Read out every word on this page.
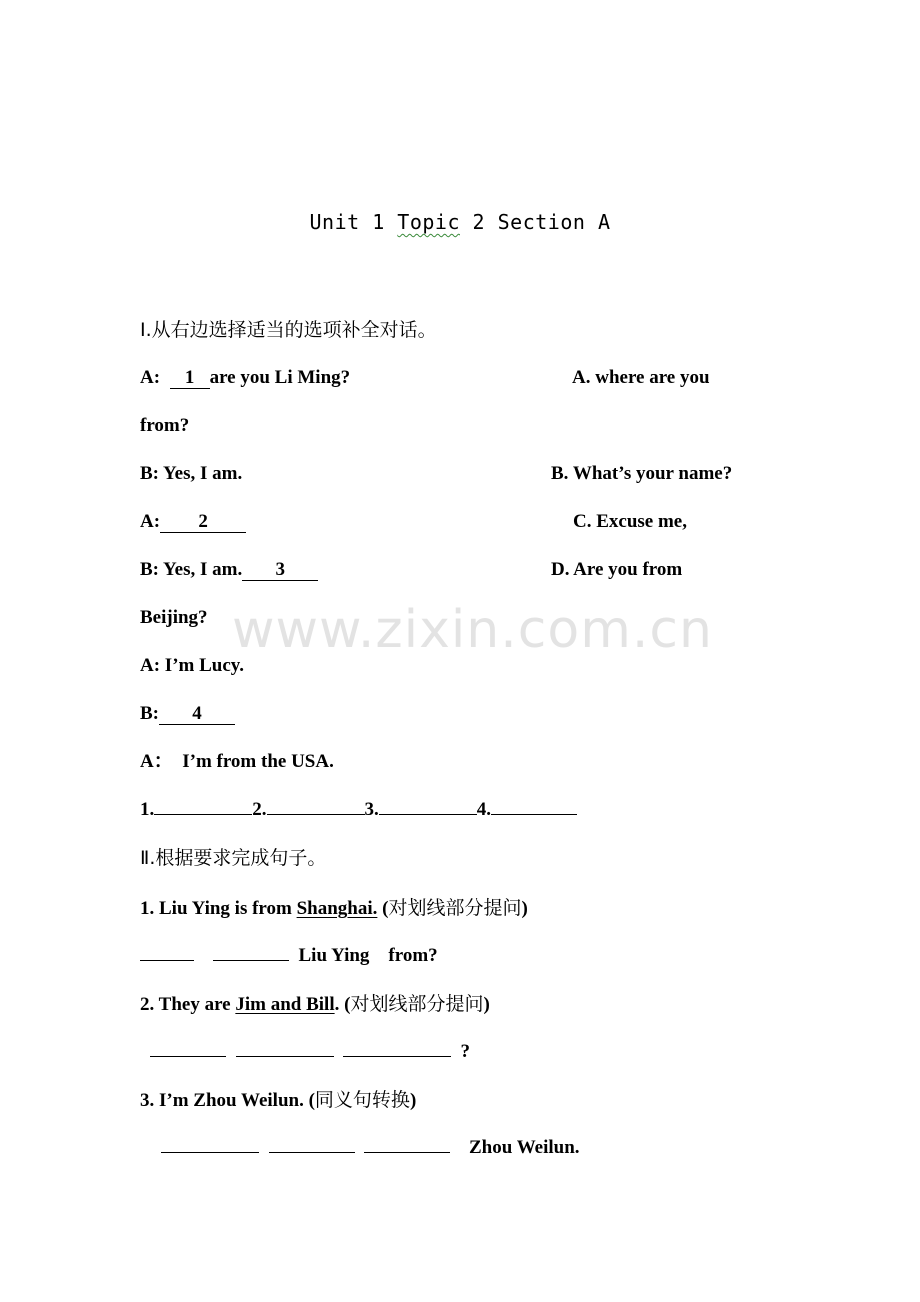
Unit 1 Topic 2 Section A
Ⅰ.从右边选择适当的选项补全对话。
A:  1 are you Li Ming?	A. where are you
from?
B: Yes, I am.	B. What’s your name?
A: 2	C. Excuse me,
B: Yes, I am. 3	D. Are you from
Beijing?
A: I’m Lucy.
B: 4
A：  I’m from the USA.
1.	2.	3.	4.
Ⅱ.根据要求完成句子。
1. Liu Ying is from Shanghai. (对划线部分提问)
Liu Ying    from?
2. They are Jim and Bill. (对划线部分提问)
?
3. I’m Zhou Weilun. (同义句转换)
Zhou Weilun.
www.zixin.com.cn
